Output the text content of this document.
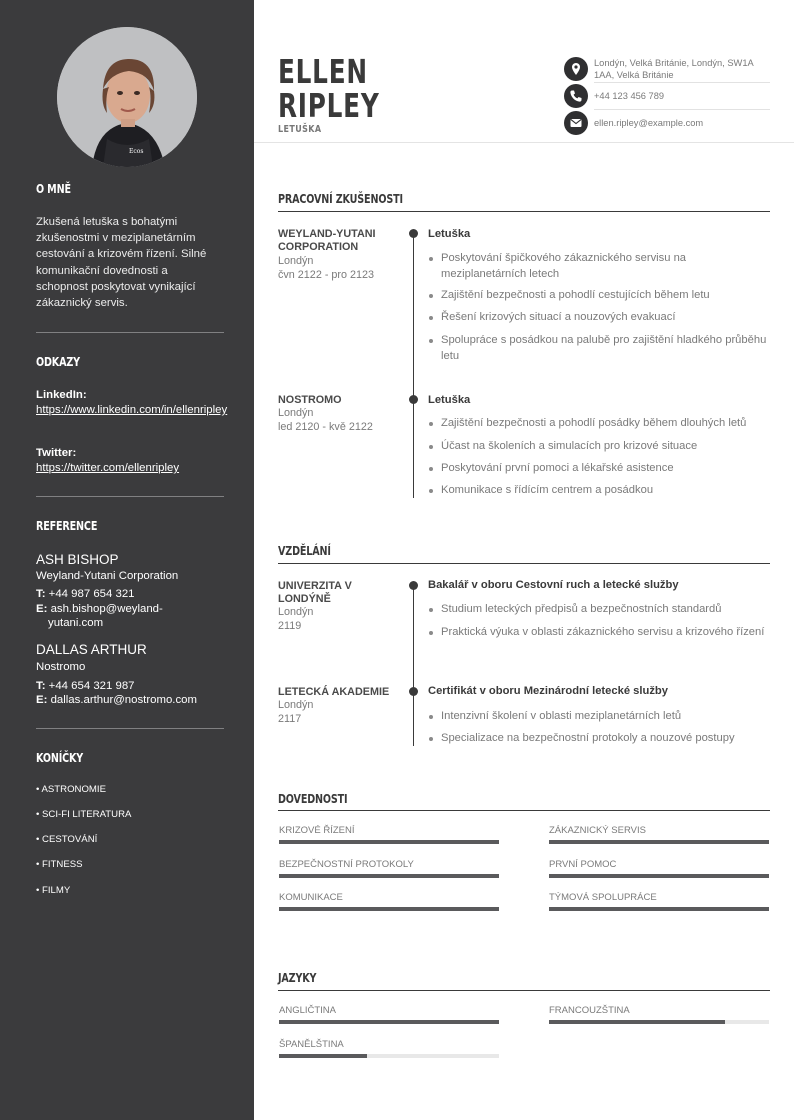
Ecos
O MNĚ
Zkušená letuška s bohatými zkušenostmi v meziplanetárním cestování a krizovém řízení. Silné komunikační dovednosti a schopnost poskytovat vynikající zákaznický servis.
ODKAZY
LinkedIn:
https://www.linkedin.com/in/ellenripley
Twitter:
https://twitter.com/ellenripley
REFERENCE
ASH BISHOP
Weyland-Yutani Corporation
T: +44 987 654 321
E: ash.bishop@weyland-yutani.com
DALLAS ARTHUR
Nostromo
T: +44 654 321 987
E: dallas.arthur@nostromo.com
KONÍČKY
• ASTRONOMIE
• SCI-FI LITERATURA
• CESTOVÁNÍ
• FITNESS
• FILMY
ELLEN
RIPLEY
LETUŠKA
Londýn, Velká Británie, Londýn, SW1A 1AA, Velká Británie
+44 123 456 789
ellen.ripley@example.com
PRACOVNÍ ZKUŠENOSTI
WEYLAND-YUTANI CORPORATION
Londýn
čvn 2122 - pro 2123
Letuška
Poskytování špičkového zákaznického servisu na meziplanetárních letech
Zajištění bezpečnosti a pohodlí cestujících během letu
Řešení krizových situací a nouzových evakuací
Spolupráce s posádkou na palubě pro zajištění hladkého průběhu letu
NOSTROMO
Londýn
led 2120 - kvě 2122
Letuška
Zajištění bezpečnosti a pohodlí posádky během dlouhých letů
Účast na školeních a simulacích pro krizové situace
Poskytování první pomoci a lékařské asistence
Komunikace s řídícím centrem a posádkou
VZDĚLÁNÍ
UNIVERZITA V LONDÝNĚ
Londýn
2119
Bakalář v oboru Cestovní ruch a letecké služby
Studium leteckých předpisů a bezpečnostních standardů
Praktická výuka v oblasti zákaznického servisu a krizového řízení
LETECKÁ AKADEMIE
Londýn
2117
Certifikát v oboru Mezinárodní letecké služby
Intenzivní školení v oblasti meziplanetárních letů
Specializace na bezpečnostní protokoly a nouzové postupy
DOVEDNOSTI
KRIZOVÉ ŘÍZENÍ	ZÁKAZNICKÝ SERVIS
BEZPEČNOSTNÍ PROTOKOLY	PRVNÍ POMOC
KOMUNIKACE	TÝMOVÁ SPOLUPRÁCE
JAZYKY
ANGLIČTINA	FRANCOUZŠTINA
ŠPANĚLŠTINA
